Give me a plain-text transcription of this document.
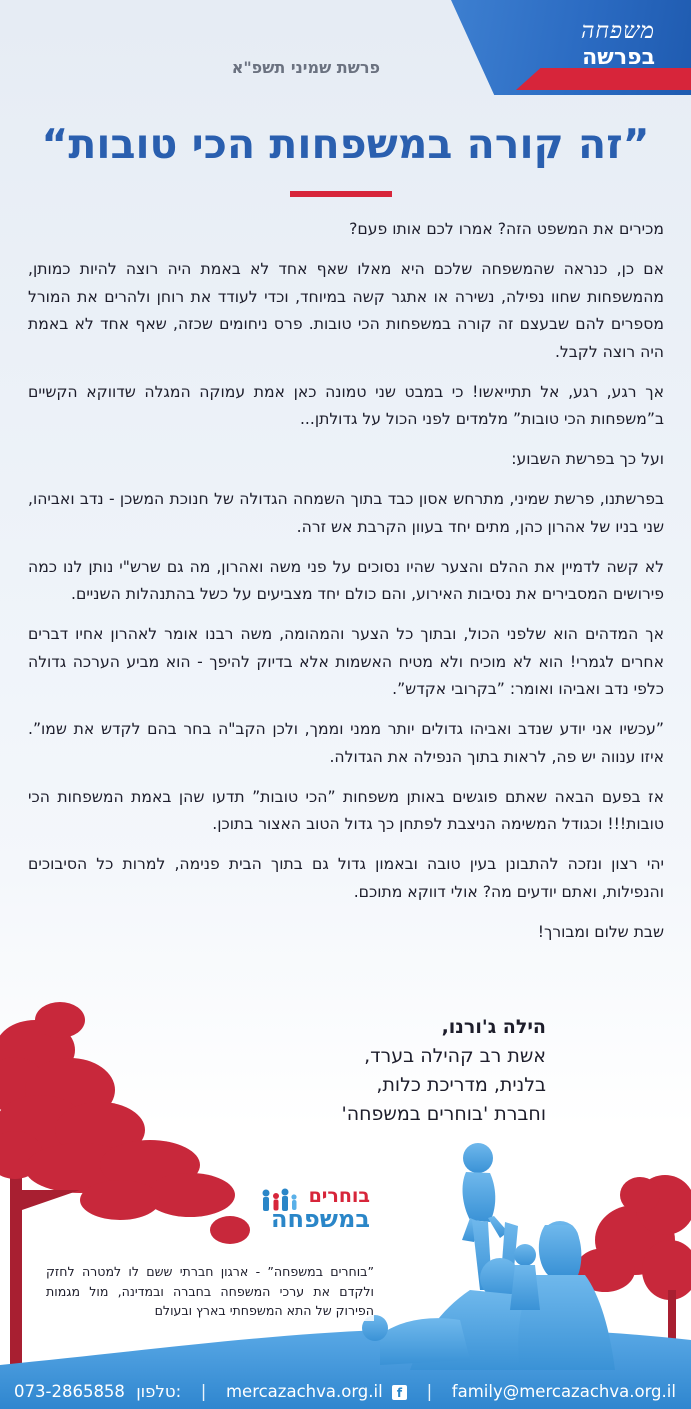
משפחה
בפרשה
פרשת שמיני תשפ"א
”זה קורה במשפחות הכי טובות“

מכירים את המשפט הזה? אמרו לכם אותו פעם?

אם כן, כנראה שהמשפחה שלכם היא מאלו שאף אחד לא באמת היה רוצה להיות כמותן, מהמשפחות שחוו נפילה, נשירה או אתגר קשה במיוחד, וכדי לעודד את רוחן ולהרים את המורל מספרים להם שבעצם זה קורה במשפחות הכי טובות. פרס ניחומים שכזה, שאף אחד לא באמת היה רוצה לקבל.

אך רגע, רגע, אל תתייאשו! כי במבט שני טמונה כאן אמת עמוקה המגלה שדווקא הקשיים ב”משפחות הכי טובות” מלמדים לפני הכול על גדולתן...

ועל כך בפרשת השבוע:

בפרשתנו, פרשת שמיני, מתרחש אסון כבד בתוך השמחה הגדולה של חנוכת המשכן - נדב ואביהו, שני בניו של אהרון כהן, מתים יחד בעוון הקרבת אש זרה.

לא קשה לדמיין את ההלם והצער שהיו נסוכים על פני משה ואהרון, מה גם שרש"י נותן לנו כמה פירושים המסבירים את נסיבות האירוע, והם כולם יחד מצביעים על כשל בהתנהלות השניים.

אך המדהים הוא שלפני הכול, ובתוך כל הצער והמהומה, משה רבנו אומר לאהרון אחיו דברים אחרים לגמרי! הוא לא מוכיח ולא מטיח האשמות אלא בדיוק להיפך - הוא מביע הערכה גדולה כלפי נדב ואביהו ואומר: ”בקרובי אקדש”.

”עכשיו אני יודע שנדב ואביהו גדולים יותר ממני וממך, ולכן הקב"ה בחר בהם לקדש את שמו”. איזו ענווה יש פה, לראות בתוך הנפילה את הגדולה.

אז בפעם הבאה שאתם פוגשים באותן משפחות ”הכי טובות” תדעו שהן באמת המשפחות הכי טובות!!! וכגודל המשימה הניצבת לפתחן כך גדול הטוב האצור בתוכן.

יהי רצון ונזכה להתבונן בעין טובה ובאמון גדול גם בתוך הבית פנימה, למרות כל הסיבוכים והנפילות, ואתם יודעים מה? אולי דווקא מתוכם.

שבת שלום ומבורך!

הילה ג'ורנו,
אשת רב קהילה בערד,
בלנית, מדריכת כלות,
וחברת 'בוחרים במשפחה'
בוחרים
במשפחה
”בוחרים במשפחה” - ארגון חברתי ששם לו למטרה לחזק ולקדם את ערכי המשפחה בחברה ובמדינה, מול מגמות הפירוק של התא המשפחתי בארץ ובעולם
073-2865858 טלפון: | mercazachva.org.il f | family@mercazachva.org.il
